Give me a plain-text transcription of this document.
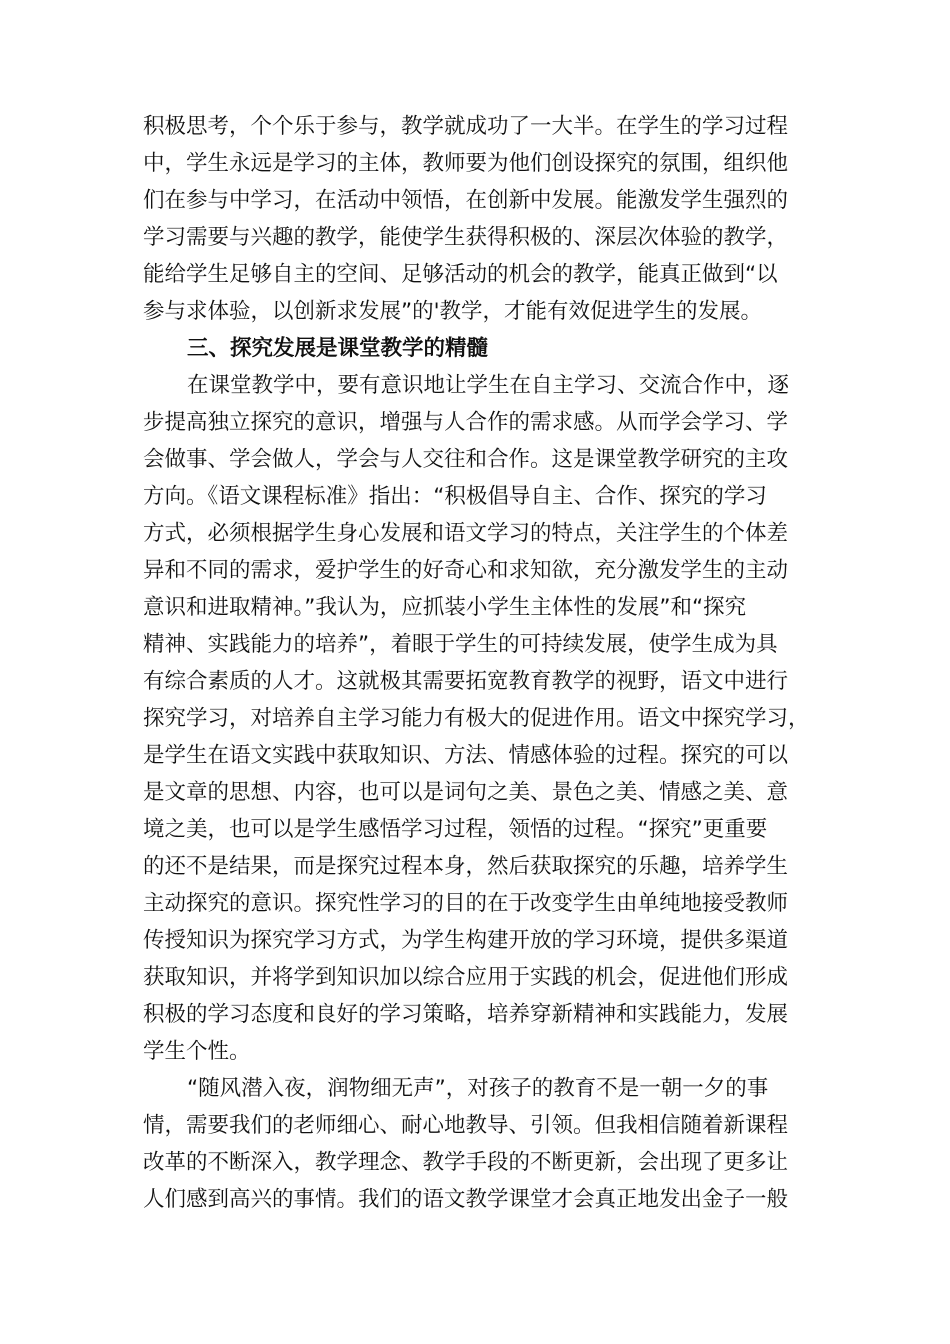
积极思考，个个乐于参与，教学就成功了一大半。在学生的学习过程
中，学生永远是学习的主体，教师要为他们创设探究的氛围，组织他
们在参与中学习，在活动中领悟，在创新中发展。能激发学生强烈的
学习需要与兴趣的教学，能使学生获得积极的、深层次体验的教学，
能给学生足够自主的空间、足够活动的机会的教学，能真正做到“以
参与求体验，以创新求发展”的'教学，才能有效促进学生的发展。
三、探究发展是课堂教学的精髓
在课堂教学中，要有意识地让学生在自主学习、交流合作中，逐
步提高独立探究的意识，增强与人合作的需求感。从而学会学习、学
会做事、学会做人，学会与人交往和合作。这是课堂教学研究的主攻
方向。《语文课程标准》指出：“积极倡导自主、合作、探究的学习
方式，必须根据学生身心发展和语文学习的特点，关注学生的个体差
异和不同的需求，爱护学生的好奇心和求知欲，充分激发学生的主动
意识和进取精神。”我认为，应抓装小学生主体性的发展”和“探究
精神、实践能力的培养”，着眼于学生的可持续发展，使学生成为具
有综合素质的人才。这就极其需要拓宽教育教学的视野，语文中进行
探究学习，对培养自主学习能力有极大的促进作用。语文中探究学习，
是学生在语文实践中获取知识、方法、情感体验的过程。探究的可以
是文章的思想、内容，也可以是词句之美、景色之美、情感之美、意
境之美，也可以是学生感悟学习过程，领悟的过程。“探究”更重要
的还不是结果，而是探究过程本身，然后获取探究的乐趣，培养学生
主动探究的意识。探究性学习的目的在于改变学生由单纯地接受教师
传授知识为探究学习方式，为学生构建开放的学习环境，提供多渠道
获取知识，并将学到知识加以综合应用于实践的机会，促进他们形成
积极的学习态度和良好的学习策略，培养穿新精神和实践能力，发展
学生个性。
“随风潜入夜，润物细无声”，对孩子的教育不是一朝一夕的事
情，需要我们的老师细心、耐心地教导、引领。但我相信随着新课程
改革的不断深入，教学理念、教学手段的不断更新，会出现了更多让
人们感到高兴的事情。我们的语文教学课堂才会真正地发出金子一般
